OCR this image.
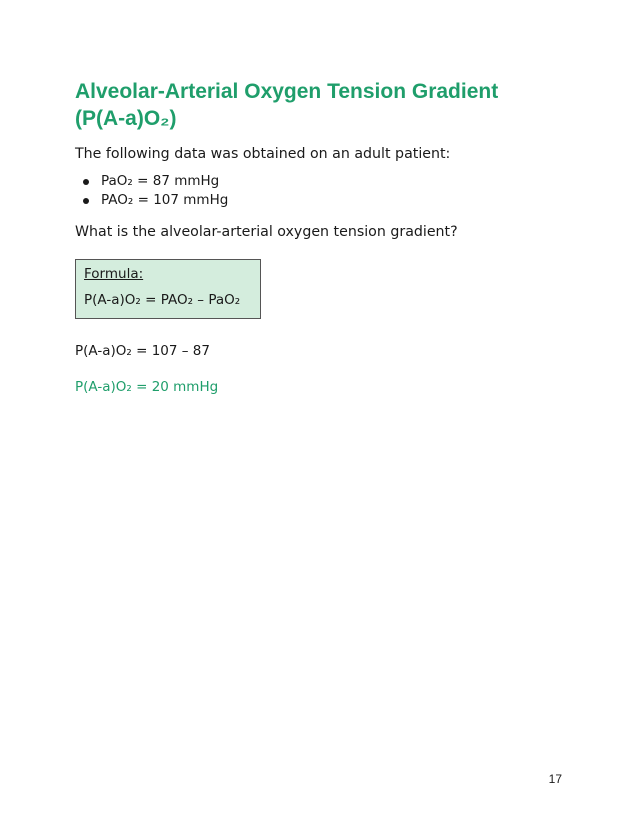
Alveolar-Arterial Oxygen Tension Gradient (P(A-a)O₂)

The following data was obtained on an adult patient:

PaO₂ = 87 mmHg
PAO₂ = 107 mmHg

What is the alveolar-arterial oxygen tension gradient?

Formula:
P(A-a)O₂ = PAO₂ – PaO₂

P(A-a)O₂ = 107 – 87

P(A-a)O₂ = 20 mmHg

17
